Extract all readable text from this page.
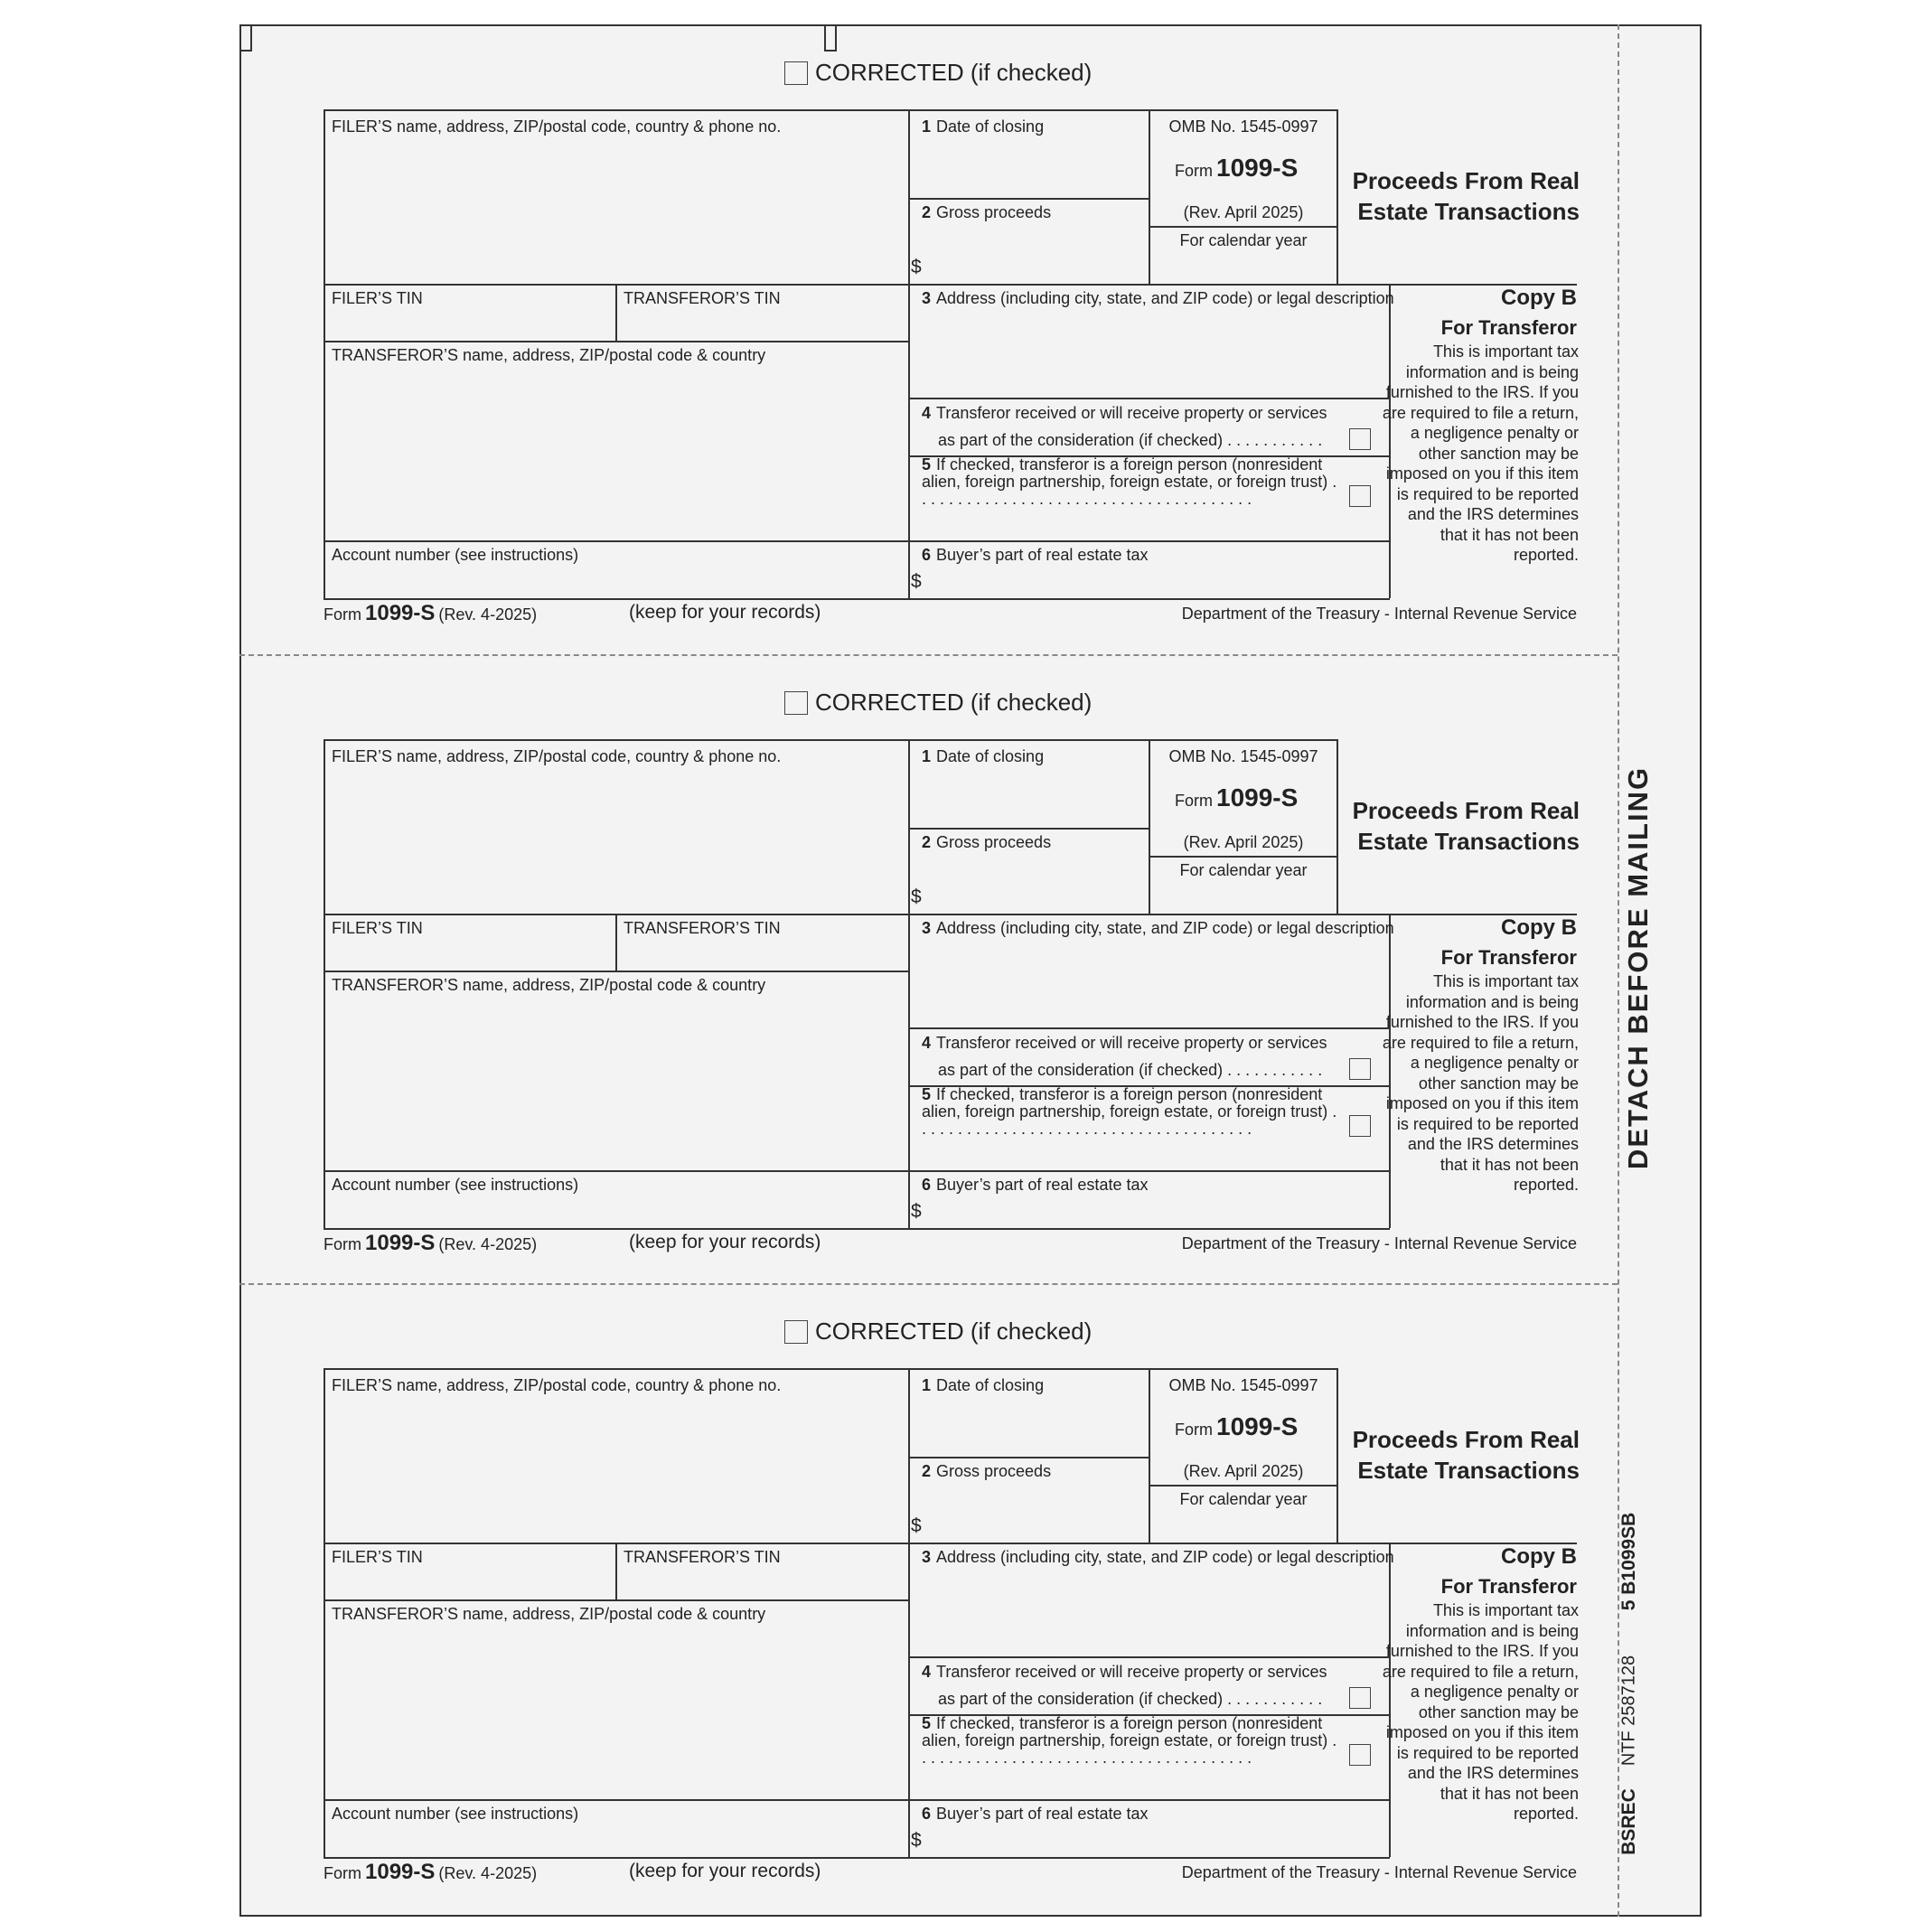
DETACH BEFORE MAILING
5 B1099SB
NTF 2587128
BSREC
CORRECTED (if checked)
FILER’S name, address, ZIP/postal code, country & phone no.	1 Date of closing
2 Gross proceeds
$
OMB No. 1545-0997
Form 1099-S
(Rev. April 2025)
For calendar year
Proceeds From Real
Estate Transactions
FILER’S TIN	TRANSFEROR’S TIN
TRANSFEROR’S name, address, ZIP/postal code & country
3 Address (including city, state, and ZIP code) or legal description
4 Transferor received or will receive property or services
as part of the consideration (if checked) . . . . . . . . . . .
5 If checked, transferor is a foreign person (nonresident alien, foreign partnership, foreign estate, or foreign trust) . . . . . . . . . . . . . . . . . . . . . . . . . . . . . . . . . . . . . .
Account number (see instructions)	6 Buyer’s part of real estate tax
$
Copy B
For Transferor
This is important tax information and is being furnished to the IRS. If you are required to file a return, a negligence penalty or other sanction may be imposed on you if this item is required to be reported and the IRS determines that it has not been reported.
Form 1099-S (Rev. 4-2025)	(keep for your records)	Department of the Treasury - Internal Revenue Service
CORRECTED (if checked)
FILER’S name, address, ZIP/postal code, country & phone no.	1 Date of closing
2 Gross proceeds
$
OMB No. 1545-0997
Form 1099-S
(Rev. April 2025)
For calendar year
Proceeds From Real
Estate Transactions
FILER’S TIN	TRANSFEROR’S TIN
TRANSFEROR’S name, address, ZIP/postal code & country
3 Address (including city, state, and ZIP code) or legal description
4 Transferor received or will receive property or services
as part of the consideration (if checked) . . . . . . . . . . .
5 If checked, transferor is a foreign person (nonresident alien, foreign partnership, foreign estate, or foreign trust) . . . . . . . . . . . . . . . . . . . . . . . . . . . . . . . . . . . . . .
Account number (see instructions)	6 Buyer’s part of real estate tax
$
Copy B
For Transferor
This is important tax information and is being furnished to the IRS. If you are required to file a return, a negligence penalty or other sanction may be imposed on you if this item is required to be reported and the IRS determines that it has not been reported.
Form 1099-S (Rev. 4-2025)	(keep for your records)	Department of the Treasury - Internal Revenue Service
CORRECTED (if checked)
FILER’S name, address, ZIP/postal code, country & phone no.	1 Date of closing
2 Gross proceeds
$
OMB No. 1545-0997
Form 1099-S
(Rev. April 2025)
For calendar year
Proceeds From Real
Estate Transactions
FILER’S TIN	TRANSFEROR’S TIN
TRANSFEROR’S name, address, ZIP/postal code & country
3 Address (including city, state, and ZIP code) or legal description
4 Transferor received or will receive property or services
as part of the consideration (if checked) . . . . . . . . . . .
5 If checked, transferor is a foreign person (nonresident alien, foreign partnership, foreign estate, or foreign trust) . . . . . . . . . . . . . . . . . . . . . . . . . . . . . . . . . . . . . .
Account number (see instructions)	6 Buyer’s part of real estate tax
$
Copy B
For Transferor
This is important tax information and is being furnished to the IRS. If you are required to file a return, a negligence penalty or other sanction may be imposed on you if this item is required to be reported and the IRS determines that it has not been reported.
Form 1099-S (Rev. 4-2025)	(keep for your records)	Department of the Treasury - Internal Revenue Service
